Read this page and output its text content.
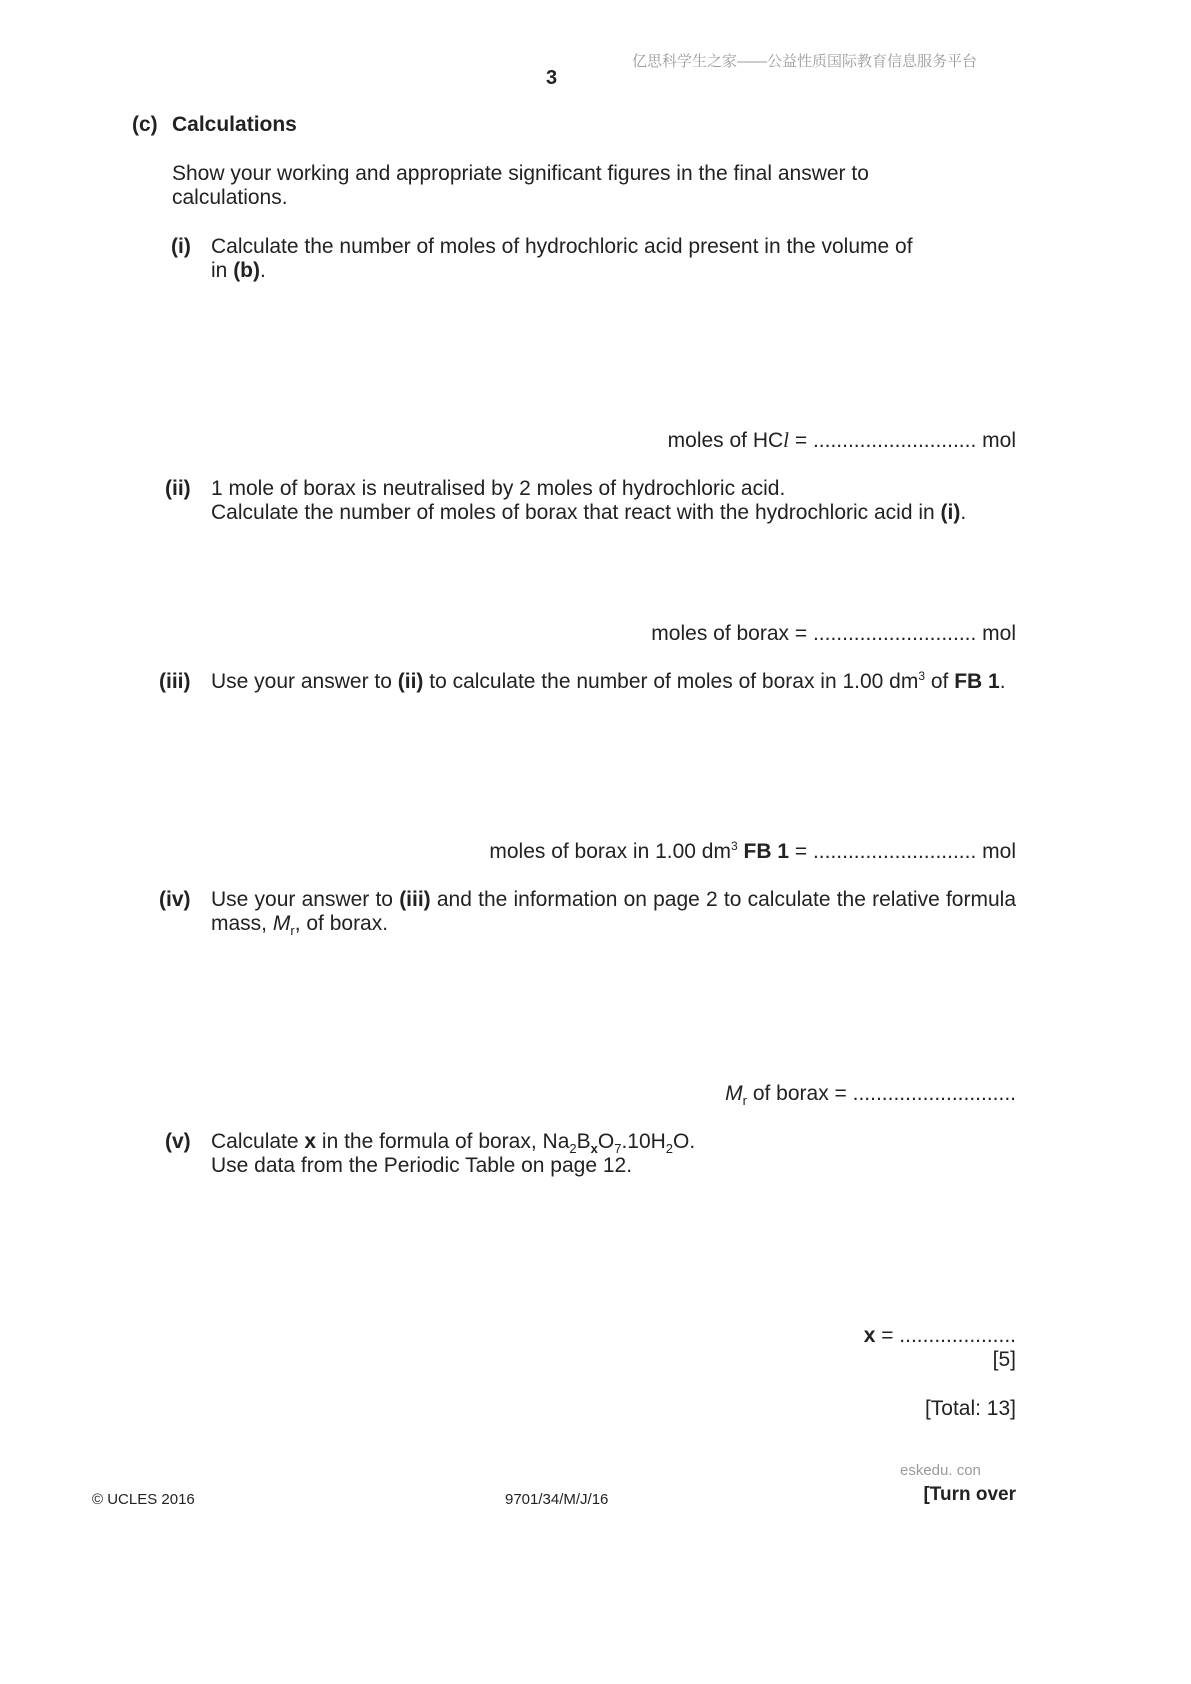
亿思科学生之家——公益性质国际教育信息服务平台
3
(c) Calculations
Show your working and appropriate significant figures in the final answer to
calculations.
(i) Calculate the number of moles of hydrochloric acid present in the volume of
in (b).
moles of HCl = ............................ mol
(ii) 1 mole of borax is neutralised by 2 moles of hydrochloric acid.
Calculate the number of moles of borax that react with the hydrochloric acid in (i).
moles of borax = ............................ mol
(iii) Use your answer to (ii) to calculate the number of moles of borax in 1.00 $dm^3$ of FB 1.
moles of borax in 1.00 $dm^3$ FB 1 = ............................ mol
(iv) Use your answer to (iii) and the information on page 2 to calculate the relative formula
mass, $M_r$, of borax.
$M_r$ of borax = ............................
(v) Calculate x in the formula of borax, $Na_2B_xO_7.10H_2O$.
Use data from the Periodic Table on page 12.
x = ....................
[5]
[Total: 13]
eskedu. con
© UCLES 2016	9701/34/M/J/16	[Turn over
